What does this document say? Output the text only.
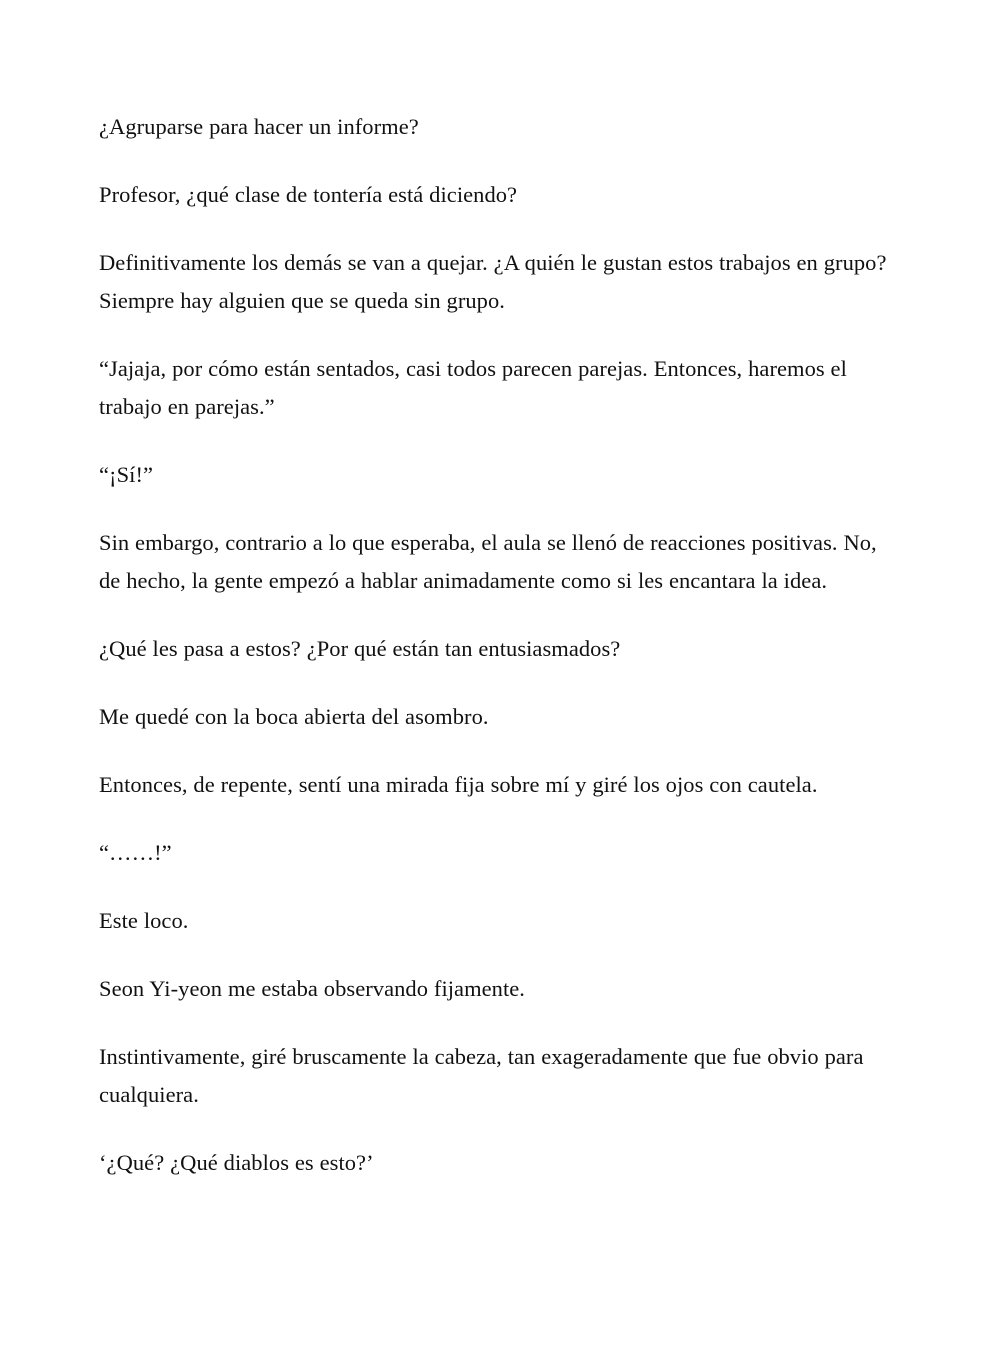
¿Agruparse para hacer un informe?

Profesor, ¿qué clase de tontería está diciendo?

Definitivamente los demás se van a quejar. ¿A quién le gustan estos trabajos en grupo? Siempre hay alguien que se queda sin grupo.

“Jajaja, por cómo están sentados, casi todos parecen parejas. Entonces, haremos el trabajo en parejas.”

“¡Sí!”

Sin embargo, contrario a lo que esperaba, el aula se llenó de reacciones positivas. No, de hecho, la gente empezó a hablar animadamente como si les encantara la idea.

¿Qué les pasa a estos? ¿Por qué están tan entusiasmados?

Me quedé con la boca abierta del asombro.

Entonces, de repente, sentí una mirada fija sobre mí y giré los ojos con cautela.

“……!”

Este loco.

Seon Yi-yeon me estaba observando fijamente.

Instintivamente, giré bruscamente la cabeza, tan exageradamente que fue obvio para cualquiera.

‘¿Qué? ¿Qué diablos es esto?’
